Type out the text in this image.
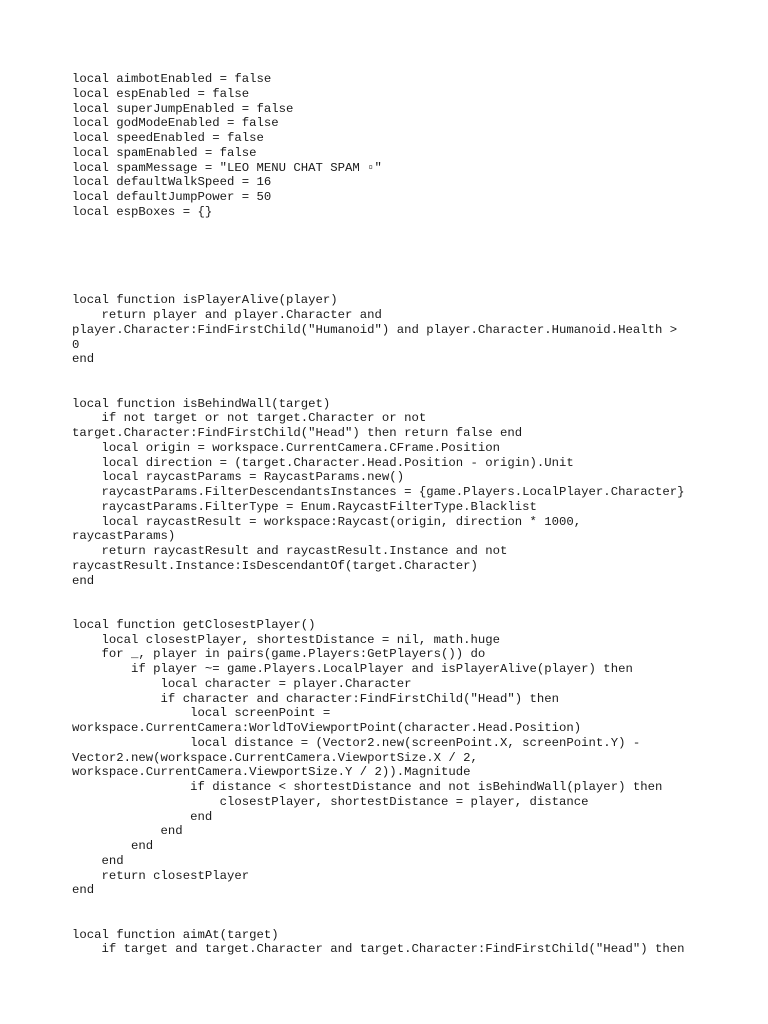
local aimbotEnabled = false
local espEnabled = false
local superJumpEnabled = false
local godModeEnabled = false
local speedEnabled = false
local spamEnabled = false
local spamMessage = "LEO MENU CHAT SPAM ▫"
local defaultWalkSpeed = 16
local defaultJumpPower = 50
local espBoxes = {}
local function isPlayerAlive(player)
return player and player.Character and
player.Character:FindFirstChild("Humanoid") and player.Character.Humanoid.Health >
0
end
local function isBehindWall(target)
if not target or not target.Character or not
target.Character:FindFirstChild("Head") then return false end
local origin = workspace.CurrentCamera.CFrame.Position
local direction = (target.Character.Head.Position - origin).Unit
local raycastParams = RaycastParams.new()
raycastParams.FilterDescendantsInstances = {game.Players.LocalPlayer.Character}
raycastParams.FilterType = Enum.RaycastFilterType.Blacklist
local raycastResult = workspace:Raycast(origin, direction * 1000,
raycastParams)
return raycastResult and raycastResult.Instance and not
raycastResult.Instance:IsDescendantOf(target.Character)
end
local function getClosestPlayer()
local closestPlayer, shortestDistance = nil, math.huge
for _, player in pairs(game.Players:GetPlayers()) do
if player ~= game.Players.LocalPlayer and isPlayerAlive(player) then
local character = player.Character
if character and character:FindFirstChild("Head") then
local screenPoint =
workspace.CurrentCamera:WorldToViewportPoint(character.Head.Position)
local distance = (Vector2.new(screenPoint.X, screenPoint.Y) -
Vector2.new(workspace.CurrentCamera.ViewportSize.X / 2,
workspace.CurrentCamera.ViewportSize.Y / 2)).Magnitude
if distance < shortestDistance and not isBehindWall(player) then
closestPlayer, shortestDistance = player, distance
end
end
end
end
return closestPlayer
end
local function aimAt(target)
if target and target.Character and target.Character:FindFirstChild("Head") then
